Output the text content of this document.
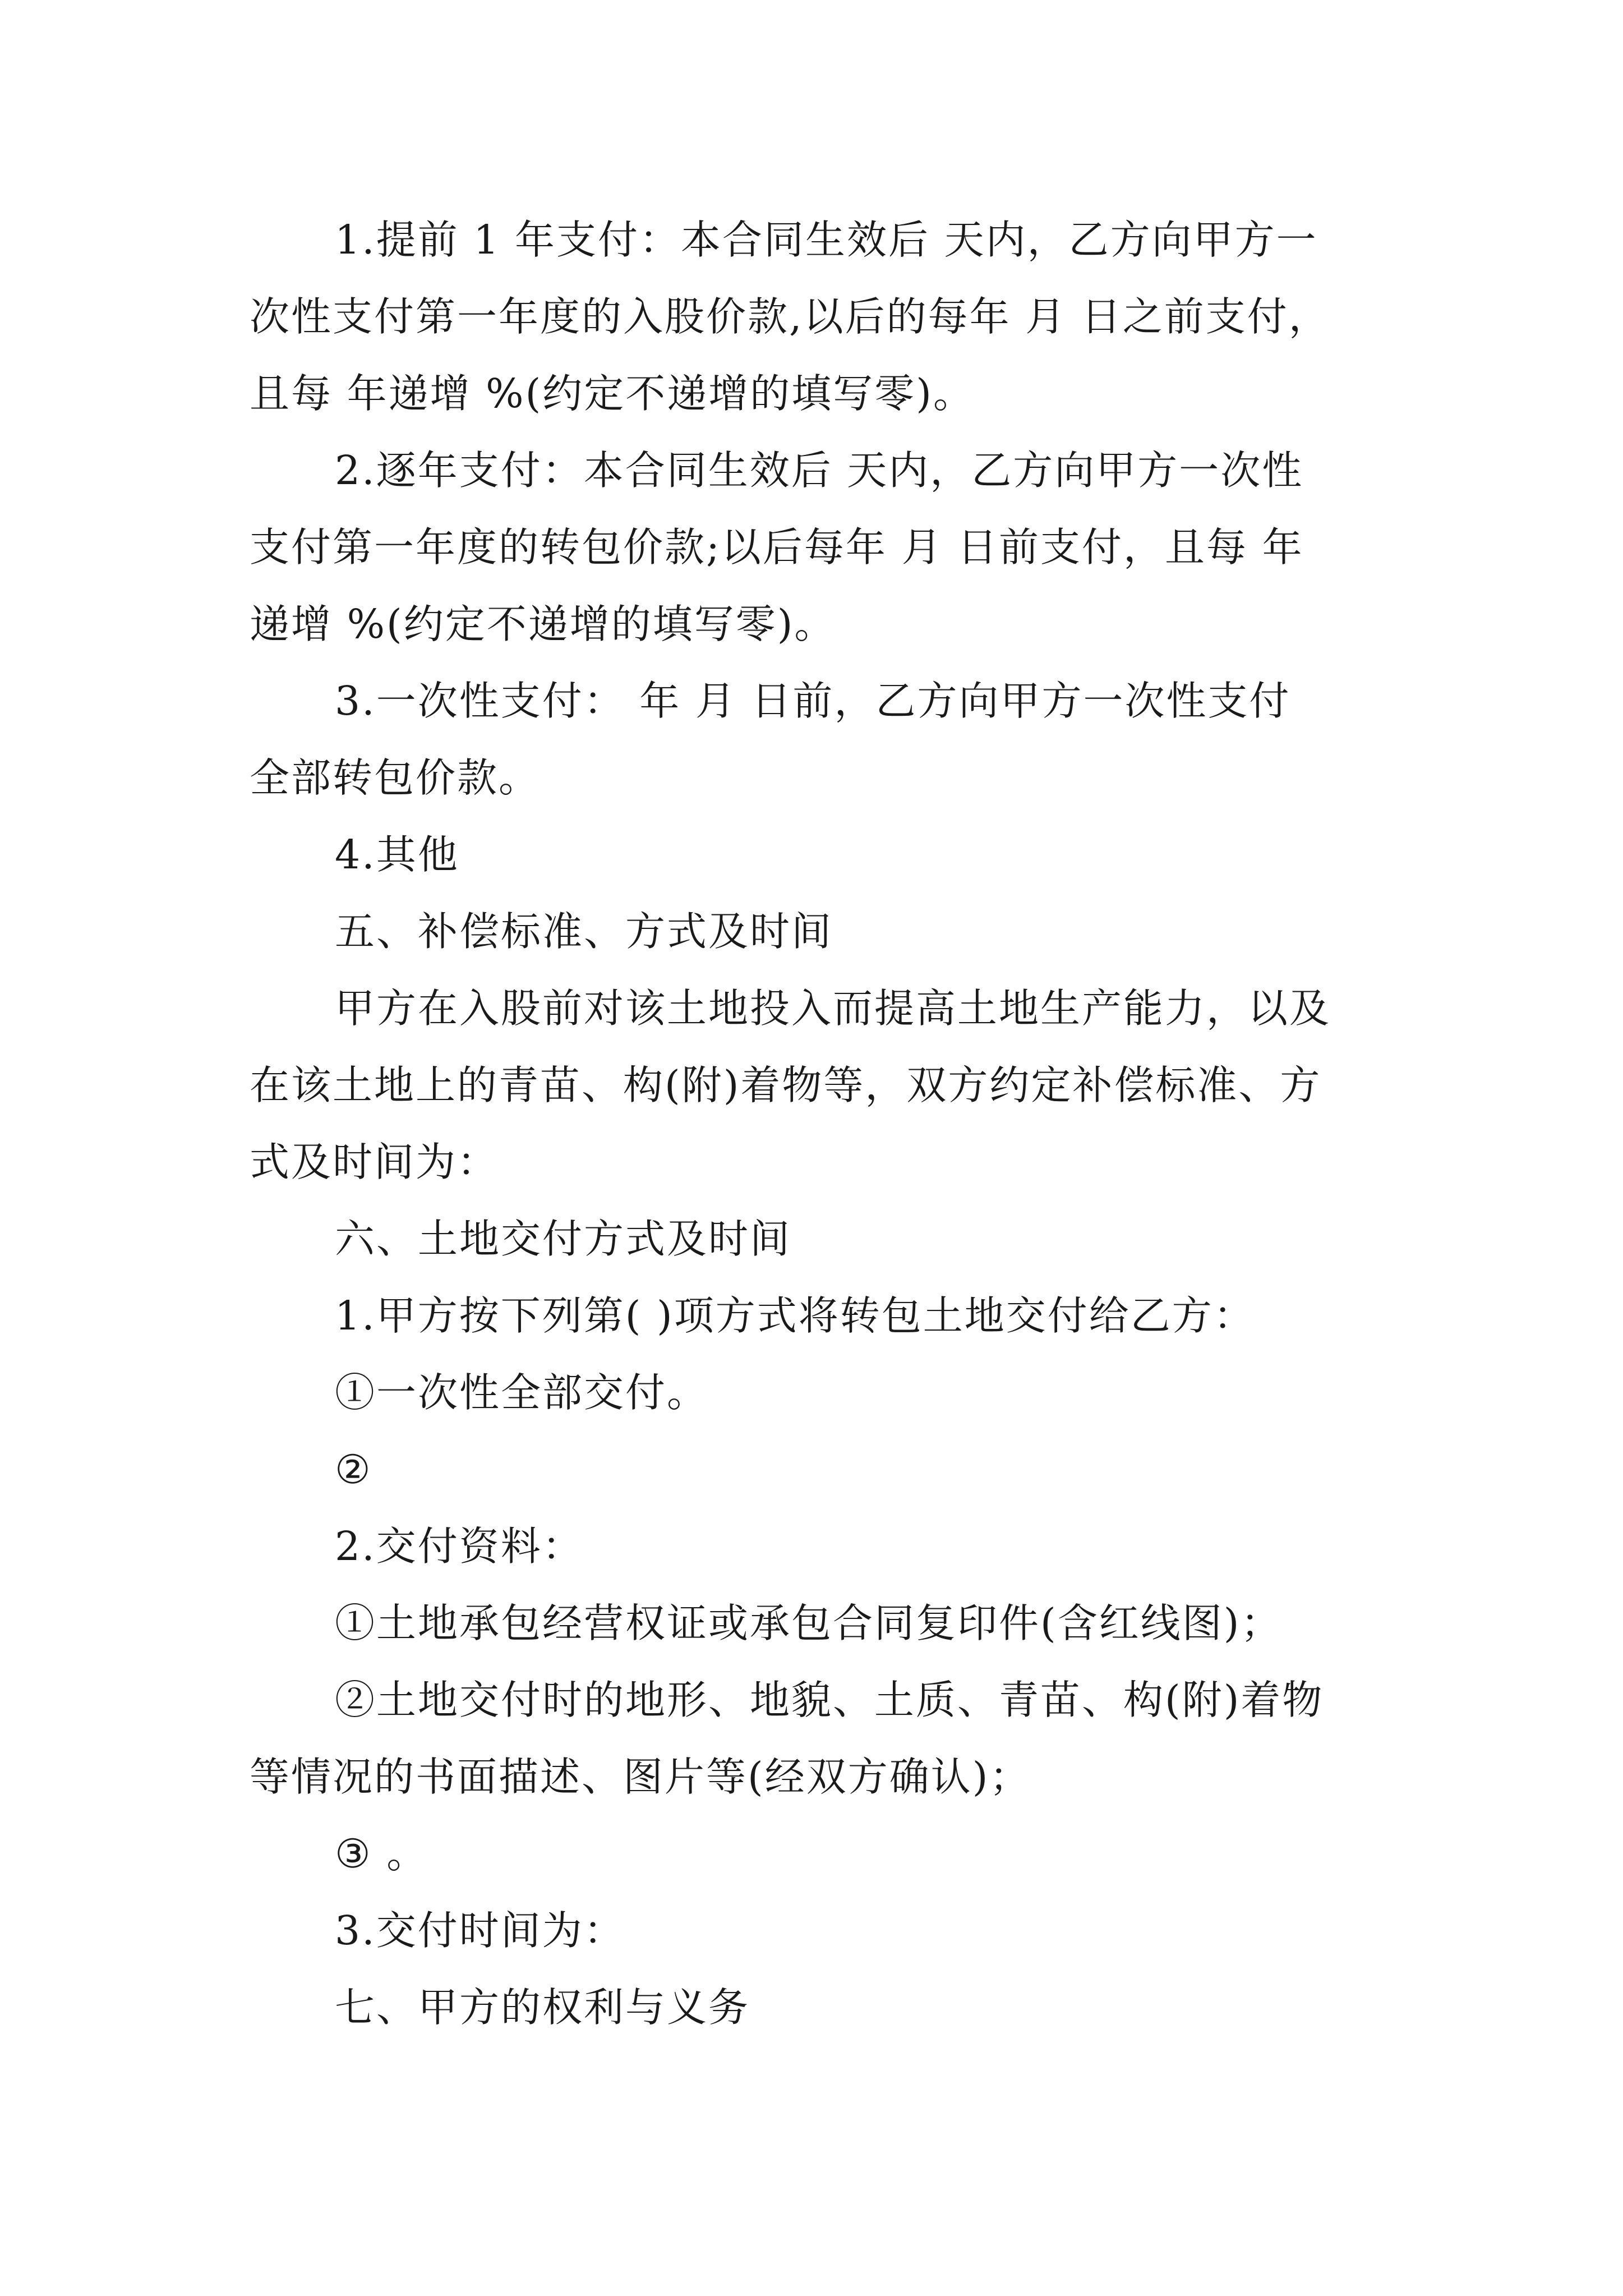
1.提前 1 年支付：本合同生效后 天内，乙方向甲方一
次性支付第一年度的入股价款,以后的每年 月 日之前支付，
且每 年递增 %(约定不递增的填写零)。
2.逐年支付：本合同生效后 天内，乙方向甲方一次性
支付第一年度的转包价款;以后每年 月 日前支付，且每 年
递增 %(约定不递增的填写零)。
3.一次性支付： 年 月 日前，乙方向甲方一次性支付
全部转包价款。
4.其他
五、补偿标准、方式及时间
甲方在入股前对该土地投入而提高土地生产能力，以及
在该土地上的青苗、构(附)着物等，双方约定补偿标准、方
式及时间为：
六、土地交付方式及时间
1.甲方按下列第( )项方式将转包土地交付给乙方：
①一次性全部交付。
②
2.交付资料：
①土地承包经营权证或承包合同复印件(含红线图)；
②土地交付时的地形、地貌、土质、青苗、构(附)着物
等情况的书面描述、图片等(经双方确认)；
③ 。
3.交付时间为：
七、甲方的权利与义务
